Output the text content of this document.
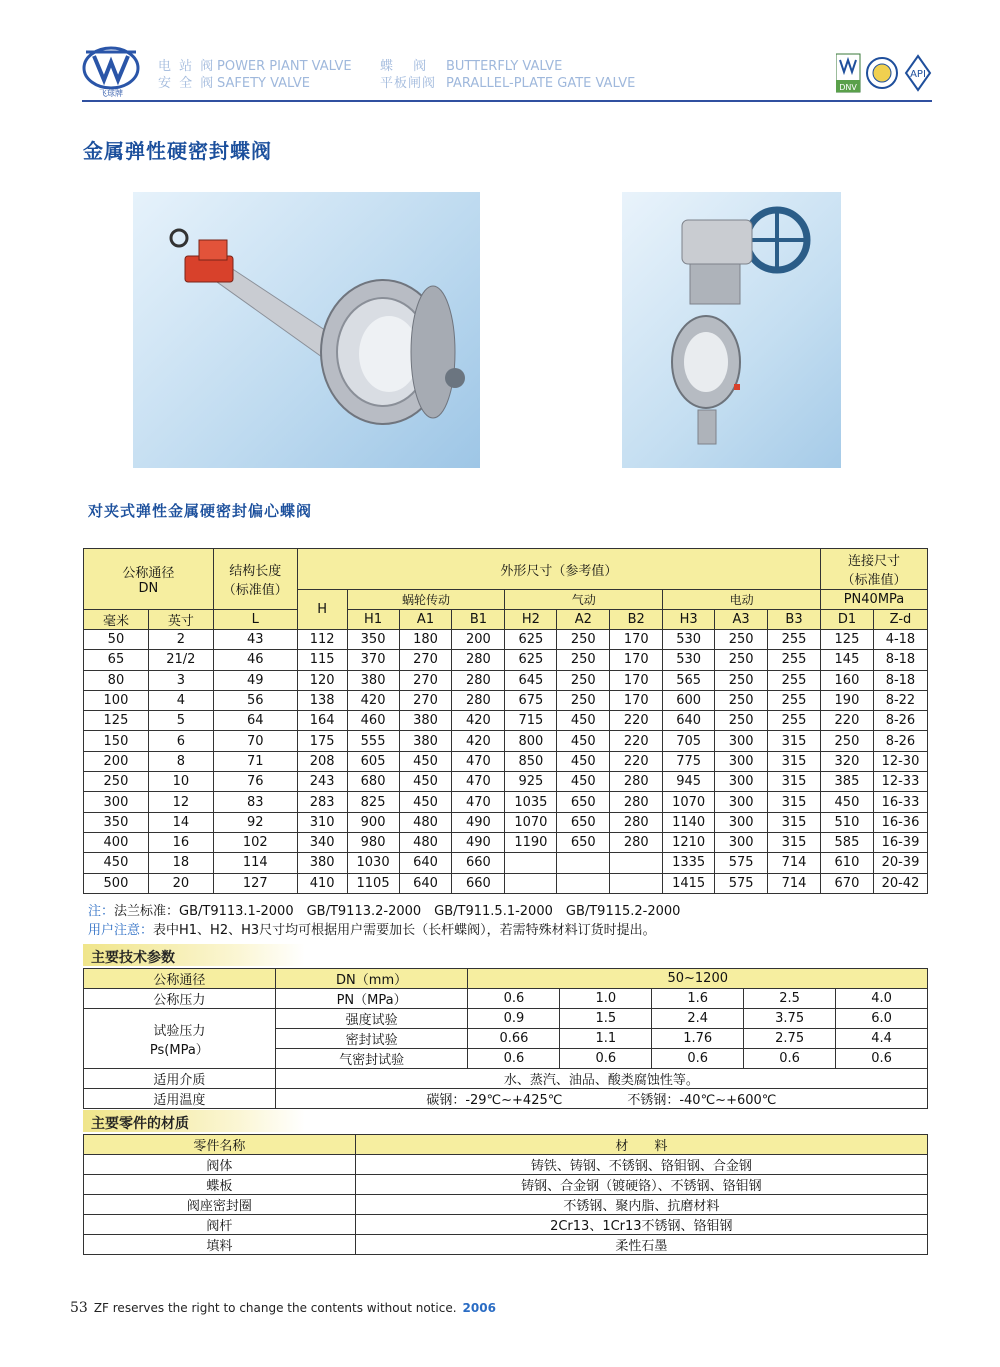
飞球牌
电 站 阀
安 全 阀
POWER PIANT VALVE
SAFETY VALVE
蝶　 阀
平板闸阀
BUTTERFLY VALVE
PARALLEL-PLATE GATE VALVE	DNV
API
金属弹性硬密封蝶阀
对夹式弹性金属硬密封偏心蝶阀
公称通径
DN		结构长度
（标准值）	外形尺寸（参考值）										连接尺寸
（标准值）	
			H	蜗轮传动			气动			电动			PN40MPa	
毫米	英寸	L		H1	A1	B1	H2	A2	B2	H3	A3	B3	D1	Z-d
50	2	43	112	350	180	200	625	250	170	530	250	255	125	4-18
65	21/2	46	115	370	270	280	625	250	170	530	250	255	145	8-18
80	3	49	120	380	270	280	645	250	170	565	250	255	160	8-18
100	4	56	138	420	270	280	675	250	170	600	250	255	190	8-22
125	5	64	164	460	380	420	715	450	220	640	250	255	220	8-26
150	6	70	175	555	380	420	800	450	220	705	300	315	250	8-26
200	8	71	208	605	450	470	850	450	220	775	300	315	320	12-30
250	10	76	243	680	450	470	925	450	280	945	300	315	385	12-33
300	12	83	283	825	450	470	1035	650	280	1070	300	315	450	16-33
350	14	92	310	900	480	490	1070	650	280	1140	300	315	510	16-36
400	16	102	340	980	480	490	1190	650	280	1210	300	315	585	16-39
450	18	114	380	1030	640	660				1335	575	714	610	20-39
500	20	127	410	1105	640	660				1415	575	714	670	20-42
注：法兰标准：GB/T9113.1-2000　GB/T9113.2-2000　GB/T911.5.1-2000　GB/T9115.2-2000
用户注意：表中H1、H2、H3尺寸均可根据用户需要加长（长杆蝶阀），若需特殊材料订货时提出。
主要技术参数
公称通径	DN（mm）	50~1200				
公称压力	PN（MPa）	0.6	1.0	1.6	2.5	4.0
试验压力
Ps(MPa）	强度试验	0.9	1.5	2.4	3.75	6.0
	密封试验	0.66	1.1	1.76	2.75	4.4
	气密封试验	0.6	0.6	0.6	0.6	0.6
适用介质	水、蒸汽、油品、酸类腐蚀性等。					
适用温度	碳钢：-29℃~+425℃　　　　　不锈钢：-40℃~+600℃					
主要零件的材质
零件名称	材　　料
阀体	铸铁、铸钢、不锈钢、铬钼钢、合金钢
蝶板	铸钢、合金钢（镀硬铬）、不锈钢、铬钼钢
阀座密封圈	不锈钢、聚内脂、抗磨材料
阀杆	2Cr13、1Cr13不锈钢、铬钼钢
填料	柔性石墨
53 ZF reserves the right to change the contents without notice. 2006
